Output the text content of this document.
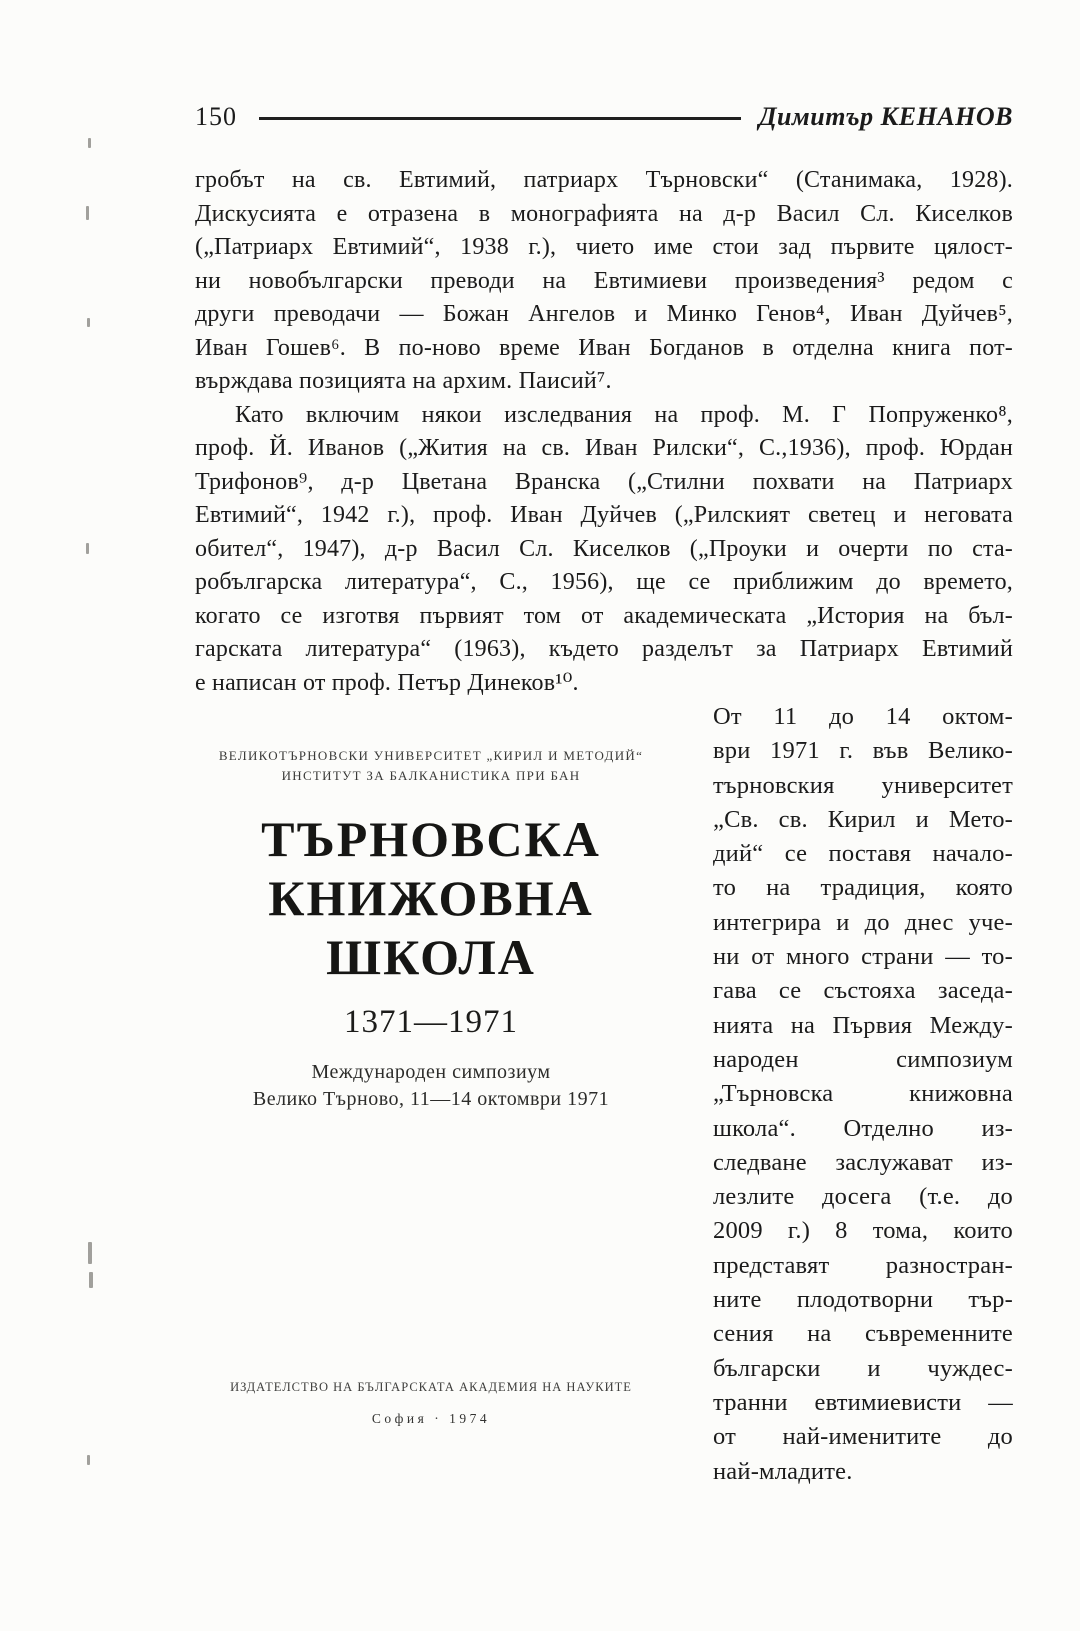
150	Димитър КЕНАНОВ
гробът на св. Евтимий, патриарх Търновски“ (Станимака, 1928).
Дискусията е отразена в монографията на д-р Васил Сл. Киселков
(„Патриарх Евтимий“, 1938 г.), чието име стои зад първите цялост-
ни новобългарски преводи на Евтимиеви произведения³ редом с
други преводачи — Божан Ангелов и Минко Генов⁴, Иван Дуйчев⁵,
Иван Гошев⁶. В по-ново време Иван Богданов в отделна книга пот-
върждава позицията на архим. Паисий⁷.
Като включим някои изследвания на проф. М. Г Попруженко⁸,
проф. Й. Иванов („Жития на св. Иван Рилски“, С.,1936), проф. Юрдан
Трифонов⁹, д-р Цветана Вранска („Стилни похвати на Патриарх
Евтимий“, 1942 г.), проф. Иван Дуйчев („Рилският светец и неговата
обител“, 1947), д-р Васил Сл. Киселков („Проуки и очерти по ста-
робългарска литература“, С., 1956), ще се приближим до времето,
когато се изготвя първият том от академическата „История на бъл-
гарската литература“ (1963), където разделът за Патриарх Евтимий
е написан от проф. Петър Динеков¹⁰.
ВЕЛИКОТЪРНОВСКИ УНИВЕРСИТЕТ „КИРИЛ И МЕТОДИЙ“
ИНСТИТУТ ЗА БАЛКАНИСТИКА ПРИ БАН
ТЪРНОВСКА
КНИЖОВНА
ШКОЛА
1371—1971
Международен симпозиум
Велико Търново, 11—14 октомври 1971
ИЗДАТЕЛСТВО НА БЪЛГАРСКАТА АКАДЕМИЯ НА НАУКИТЕ
София · 1974
От 11 до 14 октом-
ври 1971 г. във Велико-
търновския университет
„Св. св. Кирил и Мето-
дий“ се поставя начало-
то на традиция, която
интегрира и до днес уче-
ни от много страни — то-
гава се състояха заседа-
нията на Първия Между-
народен симпозиум
„Търновска книжовна
школа“. Отделно из-
следване заслужават из-
лезлите досега (т.е. до
2009 г.) 8 тома, които
представят разностран-
ните плодотворни тър-
сения на съвременните
български и чуждес-
транни евтимиевисти —
от най-именитите до
най-младите.
